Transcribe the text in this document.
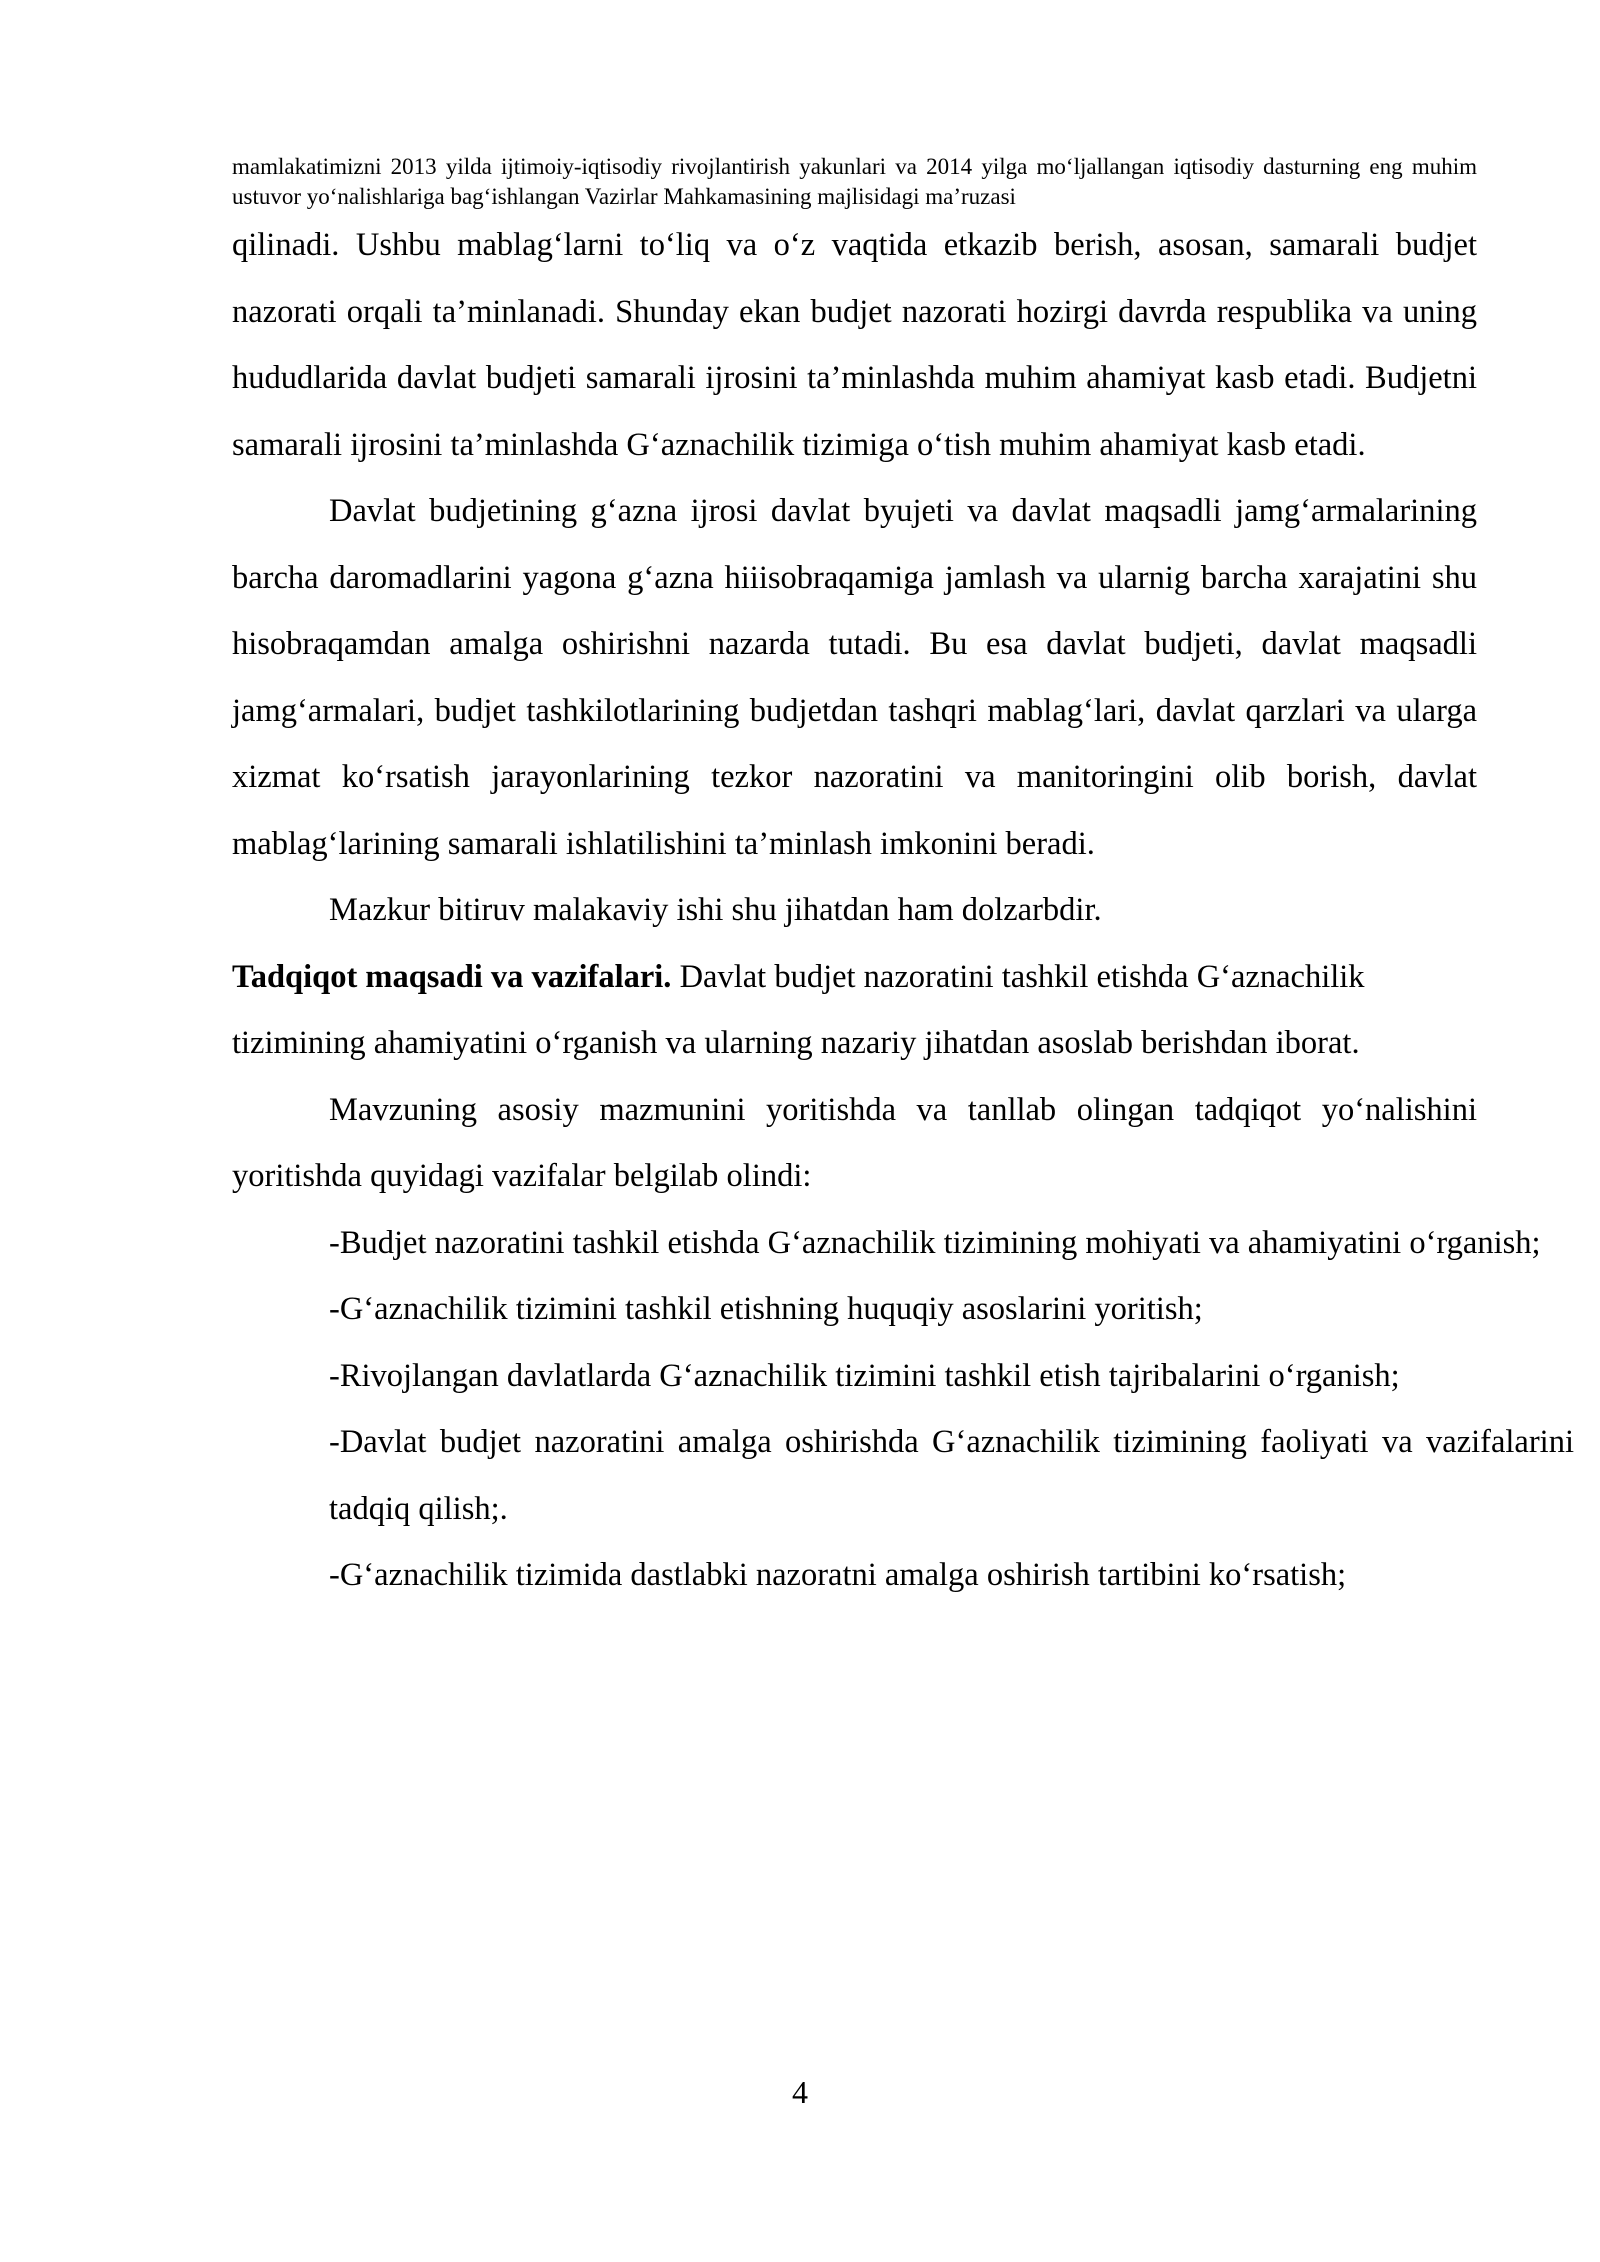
mamlakatimizni 2013 yilda ijtimoiy-iqtisodiy rivojlantirish yakunlari va 2014 yilga mo‘ljallangan iqtisodiy dasturning eng muhim ustuvor yo‘nalishlariga bag‘ishlangan Vazirlar Mahkamasining majlisidagi ma’ruzasi

qilinadi. Ushbu mablag‘larni to‘liq va o‘z vaqtida etkazib berish, asosan, samarali budjet nazorati orqali ta’minlanadi. Shunday ekan budjet nazorati hozirgi davrda respublika va uning hududlarida davlat budjeti samarali ijrosini ta’minlashda muhim ahamiyat kasb etadi. Budjetni samarali ijrosini ta’minlashda G‘aznachilik tizimiga o‘tish muhim ahamiyat kasb etadi.

Davlat budjetining g‘azna ijrosi davlat byujeti va davlat maqsadli jamg‘armalarining barcha daromadlarini yagona g‘azna hiiisobraqamiga jamlash va ularnig barcha xarajatini shu hisobraqamdan amalga oshirishni nazarda tutadi. Bu esa davlat budjeti, davlat maqsadli jamg‘armalari, budjet tashkilotlarining budjetdan tashqri mablag‘lari, davlat qarzlari va ularga xizmat ko‘rsatish jarayonlarining tezkor nazoratini va manitoringini olib borish, davlat mablag‘larining samarali ishlatilishini ta’minlash imkonini beradi.

Mazkur bitiruv malakaviy ishi shu jihatdan ham dolzarbdir.

Tadqiqot maqsadi va vazifalari. Davlat budjet nazoratini tashkil etishda G‘aznachilik tizimining ahamiyatini o‘rganish va ularning nazariy jihatdan asoslab berishdan iborat.

Mavzuning asosiy mazmunini yoritishda va tanllab olingan tadqiqot yo‘nalishini yoritishda quyidagi vazifalar belgilab olindi:

-Budjet nazoratini tashkil etishda G‘aznachilik tizimining mohiyati va ahamiyatini o‘rganish;

-G‘aznachilik tizimini tashkil etishning huquqiy asoslarini yoritish;

-Rivojlangan davlatlarda G‘aznachilik tizimini tashkil etish tajribalarini o‘rganish;

-Davlat budjet nazoratini amalga oshirishda G‘aznachilik tizimining faoliyati va vazifalarini tadqiq qilish;.

-G‘aznachilik tizimida dastlabki nazoratni amalga oshirish tartibini ko‘rsatish;

4
